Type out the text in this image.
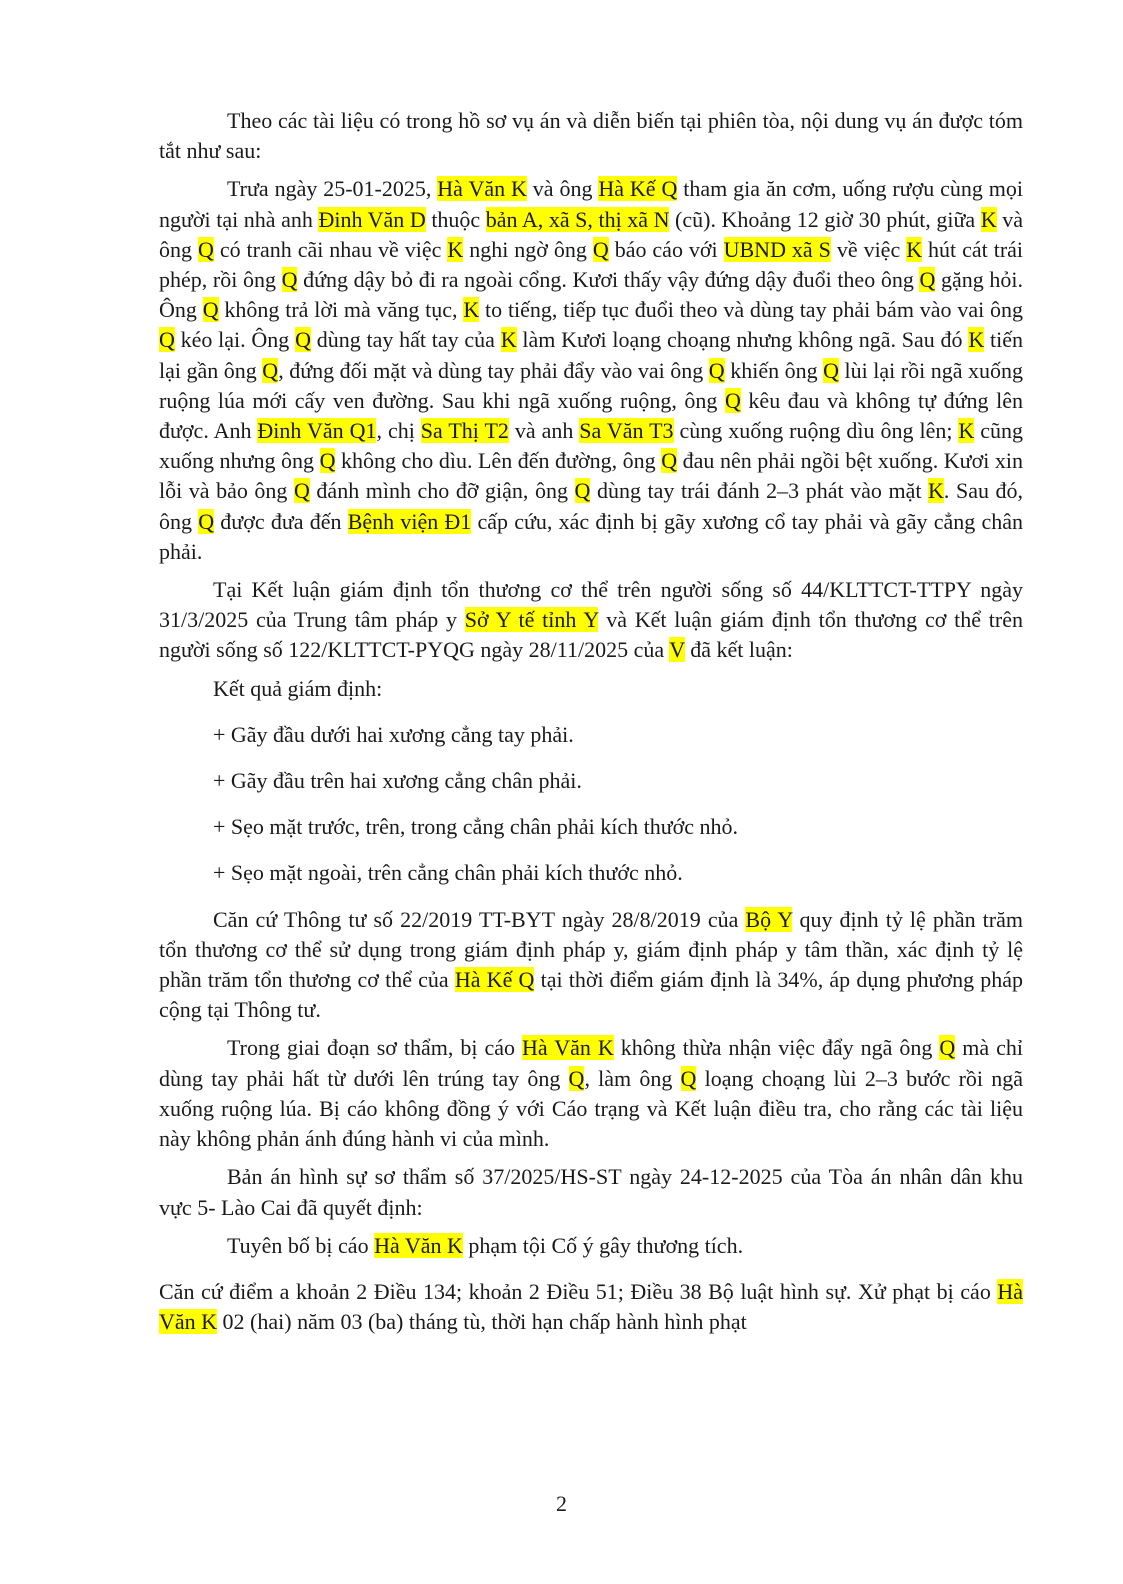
Theo các tài liệu có trong hồ sơ vụ án và diễn biến tại phiên tòa, nội dung vụ án được tóm tắt như sau:

Trưa ngày 25-01-2025, Hà Văn K và ông Hà Kế Q tham gia ăn cơm, uống rượu cùng mọi người tại nhà anh Đinh Văn D thuộc bản A, xã S, thị xã N (cũ). Khoảng 12 giờ 30 phút, giữa K và ông Q có tranh cãi nhau về việc K nghi ngờ ông Q báo cáo với UBND xã S về việc K hút cát trái phép, rồi ông Q đứng dậy bỏ đi ra ngoài cổng. Kươi thấy vậy đứng dậy đuổi theo ông Q gặng hỏi. Ông Q không trả lời mà văng tục, K to tiếng, tiếp tục đuổi theo và dùng tay phải bám vào vai ông Q kéo lại. Ông Q dùng tay hất tay của K làm Kươi loạng choạng nhưng không ngã. Sau đó K tiến lại gần ông Q, đứng đối mặt và dùng tay phải đẩy vào vai ông Q khiến ông Q lùi lại rồi ngã xuống ruộng lúa mới cấy ven đường. Sau khi ngã xuống ruộng, ông Q kêu đau và không tự đứng lên được. Anh Đinh Văn Q1, chị Sa Thị T2 và anh Sa Văn T3 cùng xuống ruộng dìu ông lên; K cũng xuống nhưng ông Q không cho dìu. Lên đến đường, ông Q đau nên phải ngồi bệt xuống. Kươi xin lỗi và bảo ông Q đánh mình cho đỡ giận, ông Q dùng tay trái đánh 2–3 phát vào mặt K. Sau đó, ông Q được đưa đến Bệnh viện Đ1 cấp cứu, xác định bị gãy xương cổ tay phải và gãy cẳng chân phải.

Tại Kết luận giám định tổn thương cơ thể trên người sống số 44/KLTTCT-TTPY ngày 31/3/2025 của Trung tâm pháp y Sở Y tế tỉnh Y và Kết luận giám định tổn thương cơ thể trên người sống số 122/KLTTCT-PYQG ngày 28/11/2025 của V đã kết luận:

Kết quả giám định:

+ Gãy đầu dưới hai xương cẳng tay phải.

+ Gãy đầu trên hai xương cẳng chân phải.

+ Sẹo mặt trước, trên, trong cẳng chân phải kích thước nhỏ.

+ Sẹo mặt ngoài, trên cẳng chân phải kích thước nhỏ.

Căn cứ Thông tư số 22/2019 TT-BYT ngày 28/8/2019 của Bộ Y quy định tỷ lệ phần trăm tổn thương cơ thể sử dụng trong giám định pháp y, giám định pháp y tâm thần, xác định tỷ lệ phần trăm tổn thương cơ thể của Hà Kế Q tại thời điểm giám định là 34%, áp dụng phương pháp cộng tại Thông tư.

Trong giai đoạn sơ thẩm, bị cáo Hà Văn K không thừa nhận việc đẩy ngã ông Q mà chỉ dùng tay phải hất từ dưới lên trúng tay ông Q, làm ông Q loạng choạng lùi 2–3 bước rồi ngã xuống ruộng lúa. Bị cáo không đồng ý với Cáo trạng và Kết luận điều tra, cho rằng các tài liệu này không phản ánh đúng hành vi của mình.

Bản án hình sự sơ thẩm số 37/2025/HS-ST ngày 24-12-2025 của Tòa án nhân dân khu vực 5- Lào Cai đã quyết định:

Tuyên bố bị cáo Hà Văn K phạm tội Cố ý gây thương tích.

Căn cứ điểm a khoản 2 Điều 134; khoản 2 Điều 51; Điều 38 Bộ luật hình sự. Xử phạt bị cáo Hà Văn K 02 (hai) năm 03 (ba) tháng tù, thời hạn chấp hành hình phạt

2
